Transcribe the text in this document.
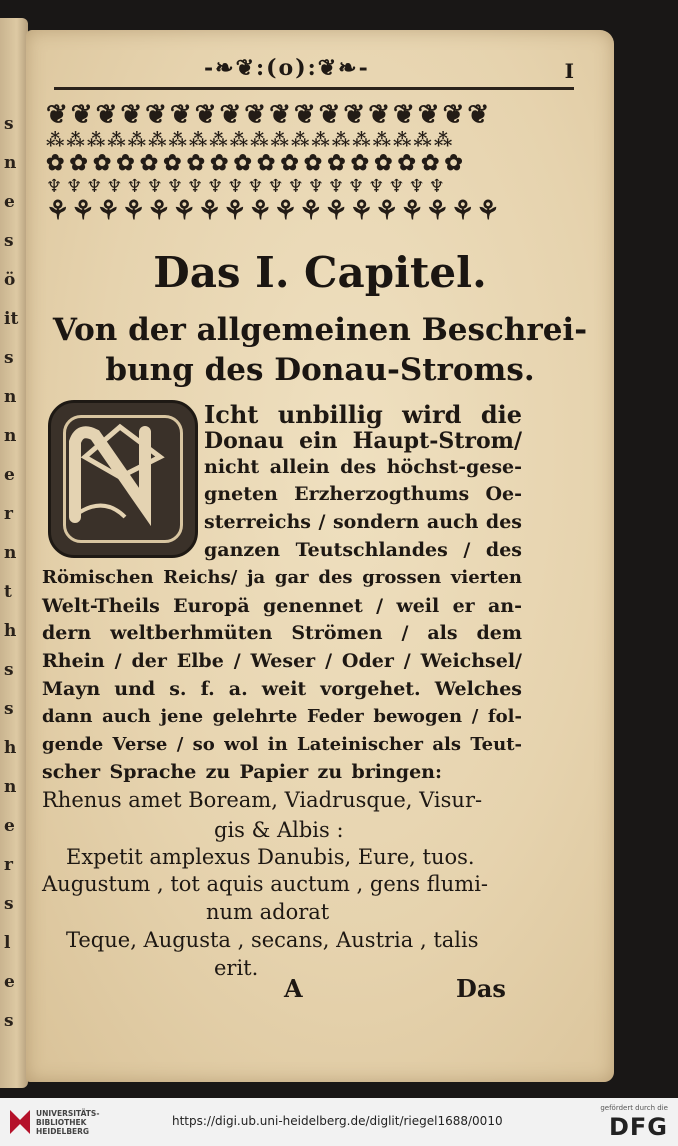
s
n
e
s
ö
it
s
n
n
e
r
n
t
h
s
s
h
n
e
r
s
l
e
s
-❧❦:(o):❦❧-	I
❦❦❦❦❦❦❦❦❦❦❦❦❦❦❦❦❦❦
⁂⁂⁂⁂⁂⁂⁂⁂⁂⁂⁂⁂⁂⁂⁂⁂⁂⁂⁂⁂
✿✿✿✿✿✿✿✿✿✿✿✿✿✿✿✿✿✿
♆♆♆♆♆♆♆♆♆♆♆♆♆♆♆♆♆♆♆♆
⚘⚘⚘⚘⚘⚘⚘⚘⚘⚘⚘⚘⚘⚘⚘⚘⚘⚘
Das I. Capitel.
Von der allgemeinen Beschrei-
bung des Donau-Stroms.
Icht unbillig wird die
Donau ein Haupt-Strom/
nicht allein des höchst-gese-
gneten Erzherzogthums Oe-
sterreichs / sondern auch des
ganzen Teutschlandes / des
Römischen Reichs/ ja gar des grossen vierten
Welt-Theils Europä genennet / weil er an-
dern weltberhmüten Strömen / als dem
Rhein / der Elbe / Weser / Oder / Weichsel/
Mayn und s. f. a. weit vorgehet. Welches
dann auch jene gelehrte Feder bewogen / fol-
gende Verse / so wol in Lateinischer als Teut-
scher Sprache zu Papier zu bringen:
Rhenus amet Boream, Viadrusque, Visur-
gis & Albis :
Expetit amplexus Danubis, Eure, tuos.
Augustum , tot aquis auctum , gens flumi-
num adorat
Teque, Augusta , secans, Austria , talis
erit.
A	Das
UNIVERSITÄTS-
BIBLIOTHEK
HEIDELBERG
https://digi.ub.uni-heidelberg.de/diglit/riegel1688/0010
gefördert durch die
DFG
